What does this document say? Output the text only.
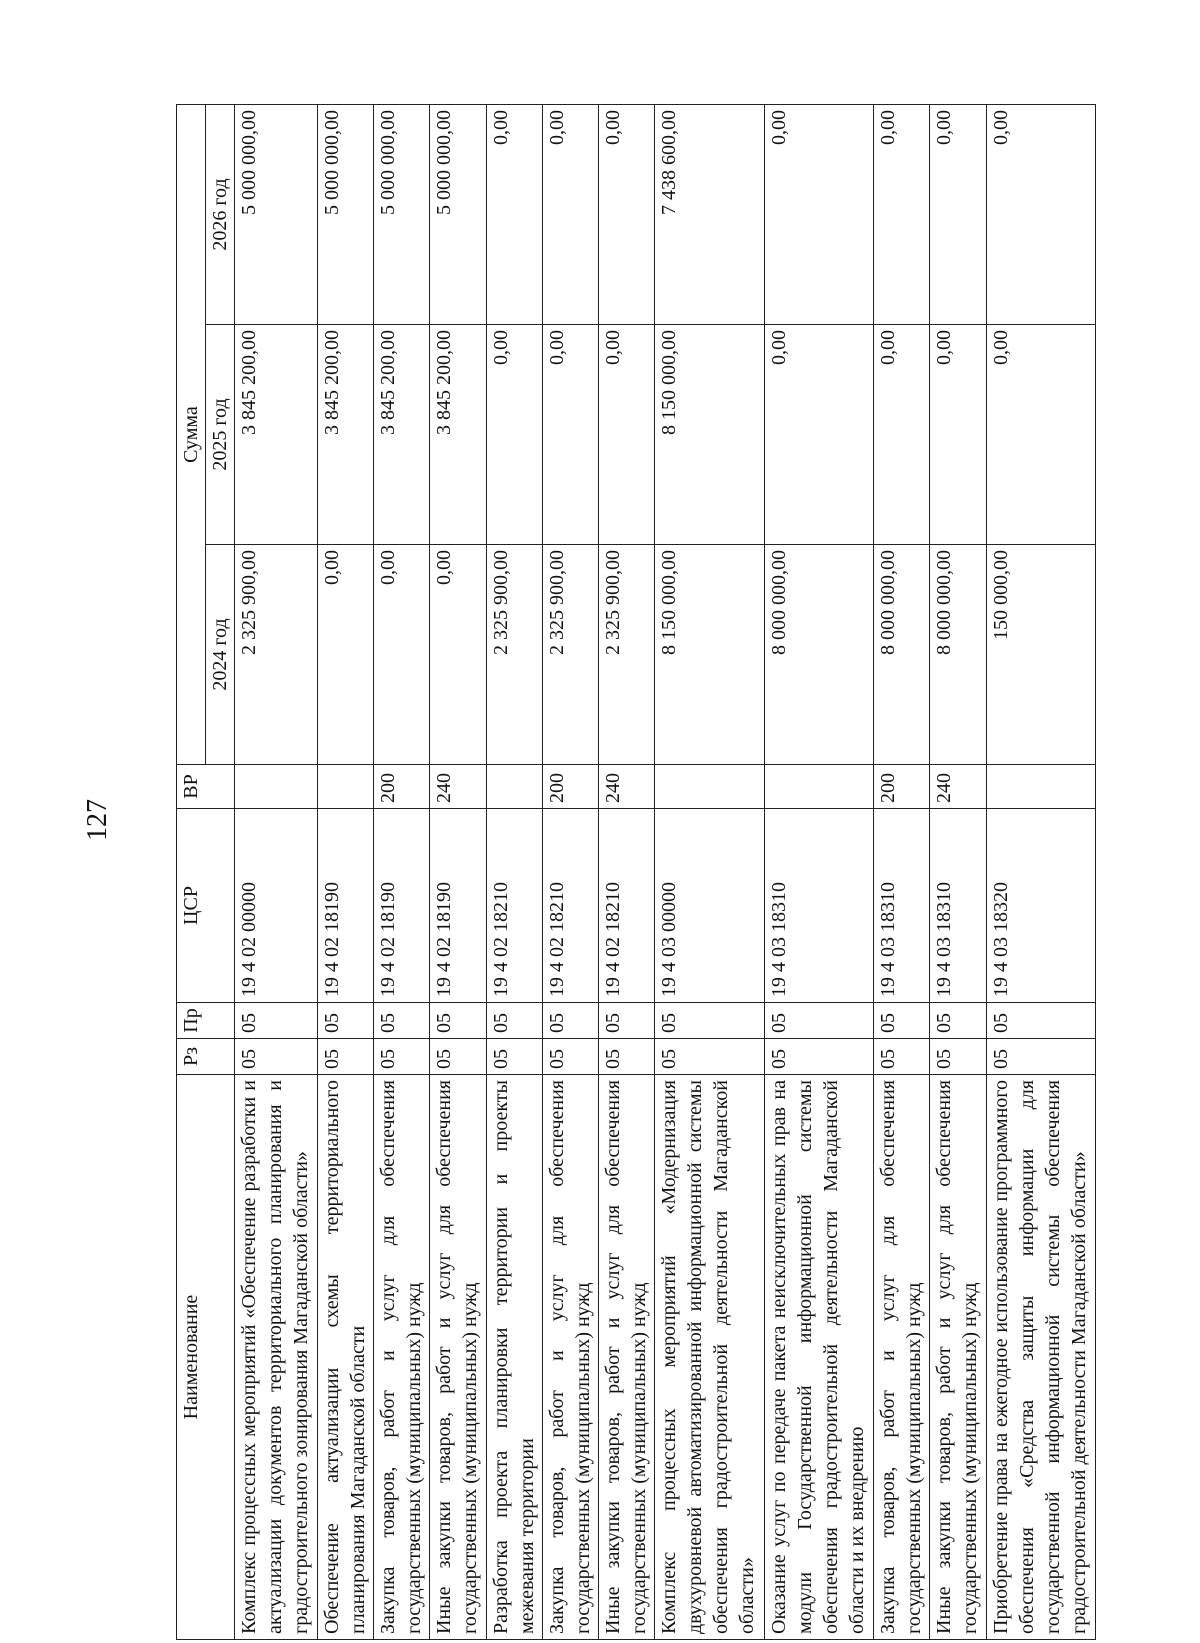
127
Наименование	Рз	Пр	ЦСР	ВР	Сумма		
					2024 год	2025 год	2026 год
Комплекс процессных мероприятий «Обеспечение разработки и актуализации документов территориального планирования и градостроительного зонирования Магаданской области»	05	05	19 4 02 00000		2 325 900,00	3 845 200,00	5 000 000,00
Обеспечение актуализации схемы территориального планирования Магаданской области	05	05	19 4 02 18190		0,00	3 845 200,00	5 000 000,00
Закупка товаров, работ и услуг для обеспечения государственных (муниципальных) нужд	05	05	19 4 02 18190	200	0,00	3 845 200,00	5 000 000,00
Иные закупки товаров, работ и услуг для обеспечения государственных (муниципальных) нужд	05	05	19 4 02 18190	240	0,00	3 845 200,00	5 000 000,00
Разработка проекта планировки территории и проекты межевания территории	05	05	19 4 02 18210		2 325 900,00	0,00	0,00
Закупка товаров, работ и услуг для обеспечения государственных (муниципальных) нужд	05	05	19 4 02 18210	200	2 325 900,00	0,00	0,00
Иные закупки товаров, работ и услуг для обеспечения государственных (муниципальных) нужд	05	05	19 4 02 18210	240	2 325 900,00	0,00	0,00
Комплекс процессных мероприятий «Модернизация двухуровневой автоматизированной информационной системы обеспечения градостроительной деятельности Магаданской области»	05	05	19 4 03 00000		8 150 000,00	8 150 000,00	7 438 600,00
Оказание услуг по передаче пакета неисключительных прав на модули Государственной информационной системы обеспечения градостроительной деятельности Магаданской области и их внедрению	05	05	19 4 03 18310		8 000 000,00	0,00	0,00
Закупка товаров, работ и услуг для обеспечения государственных (муниципальных) нужд	05	05	19 4 03 18310	200	8 000 000,00	0,00	0,00
Иные закупки товаров, работ и услуг для обеспечения государственных (муниципальных) нужд	05	05	19 4 03 18310	240	8 000 000,00	0,00	0,00
Приобретение права на ежегодное использование программного обеспечения «Средства защиты информации для государственной информационной системы обеспечения градостроительной деятельности Магаданской области»	05	05	19 4 03 18320		150 000,00	0,00	0,00
